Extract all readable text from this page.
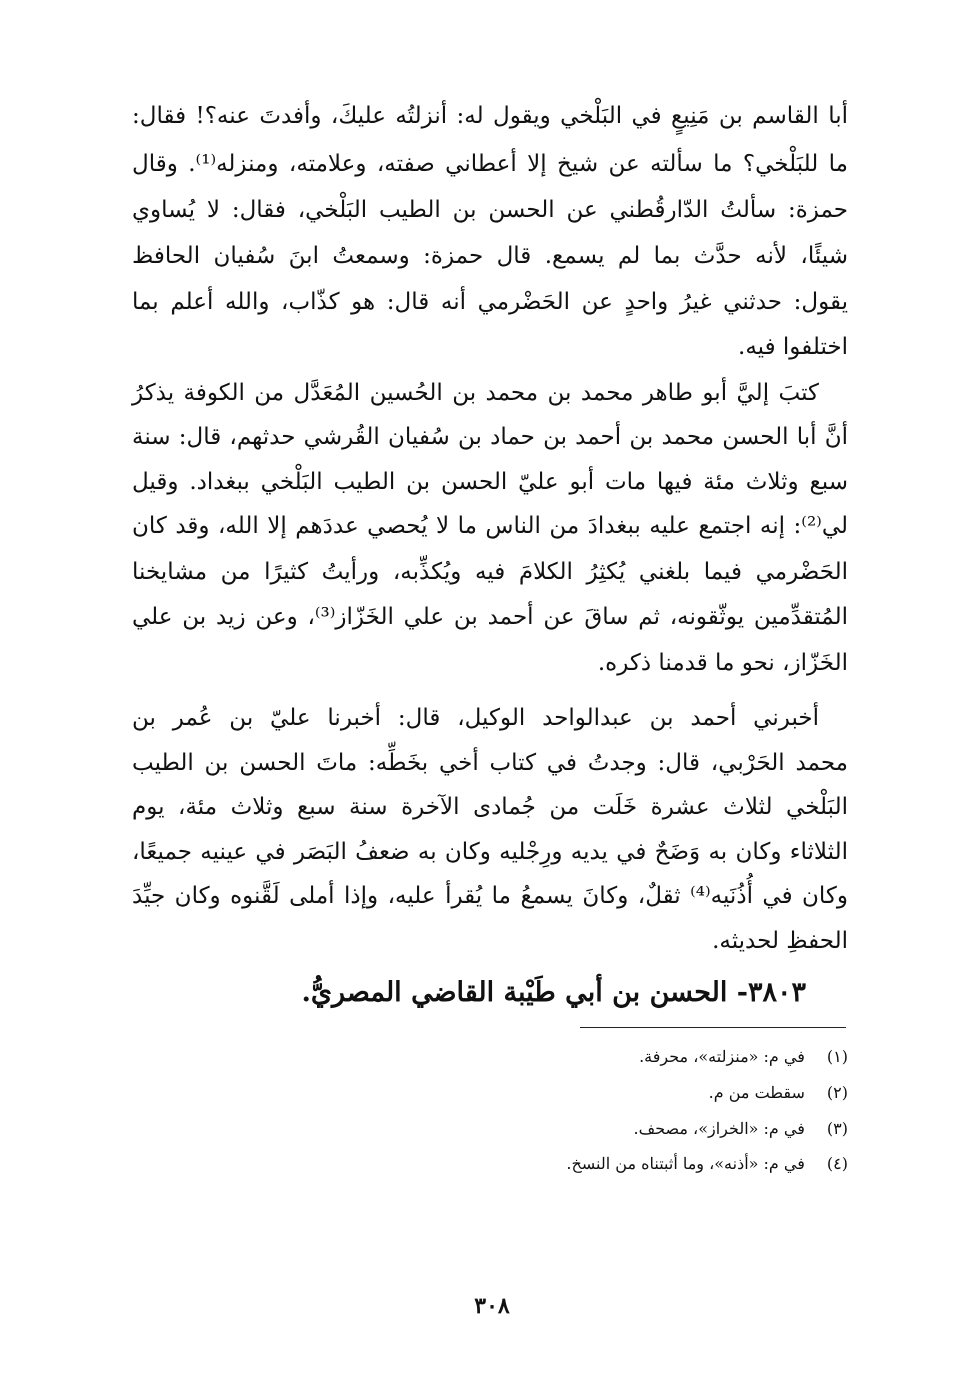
أبا القاسم بن مَنِيعٍ في البَلْخي ويقول له: أنزلتُه عليكَ، وأفدتَ عنه؟! فقال:
ما للبَلْخي؟ ما سألته عن شيخ إلا أعطاني صفته، وعلامته، ومنزله⁽¹⁾. وقال
حمزة: سألتُ الدّارقُطني عن الحسن بن الطيب البَلْخي، فقال: لا يُساوي
شيئًا، لأنه حدَّث بما لم يسمع. قال حمزة: وسمعتُ ابنَ سُفيان الحافظ
يقول: حدثني غيرُ واحدٍ عن الحَضْرمي أنه قال: هو كذّاب، والله أعلم بما
اختلفوا فيه.
كتبَ إليَّ أبو طاهر محمد بن محمد بن الحُسين المُعَدَّل من الكوفة يذكرُ
أنَّ أبا الحسن محمد بن أحمد بن حماد بن سُفيان القُرشي حدثهم، قال: سنة
سبع وثلاث مئة فيها مات أبو عليّ الحسن بن الطيب البَلْخي ببغداد. وقيل
لي⁽²⁾: إنه اجتمع عليه ببغدادَ من الناس ما لا يُحصي عددَهم إلا الله، وقد كان
الحَضْرمي فيما بلغني يُكثِرُ الكلامَ فيه ويُكذِّبه، ورأيتُ كثيرًا من مشايخنا
المُتقدِّمين يوثّقونه، ثم ساقَ عن أحمد بن علي الخَزّاز⁽³⁾، وعن زيد بن علي
الخَزّاز، نحو ما قدمنا ذكره.
أخبرني أحمد بن عبدالواحد الوكيل، قال: أخبرنا عليّ بن عُمر بن
محمد الحَرْبي، قال: وجدتُ في كتاب أخي بخَطِّه: ماتَ الحسن بن الطيب
البَلْخي لثلاث عشرة خَلَت من جُمادى الآخرة سنة سبع وثلاث مئة، يوم
الثلاثاء وكان به وَضَحٌ في يديه ورِجْليه وكان به ضعفُ البَصَر في عينيه جميعًا،
وكان في أُذُنَيه⁽⁴⁾ ثقلٌ، وكانَ يسمعُ ما يُقرأ عليه، وإذا أملى لَقَّنوه وكان جيِّدَ
الحفظِ لحديثه.
٣٨٠٣- الحسن بن أبي طَيْبة القاضي المصريُّ.
(١) في م: «منزلته»، محرفة.
(٢) سقطت من م.
(٣) في م: «الخراز»، مصحف.
(٤) في م: «أذنه»، وما أثبتناه من النسخ.
٣٠٨
